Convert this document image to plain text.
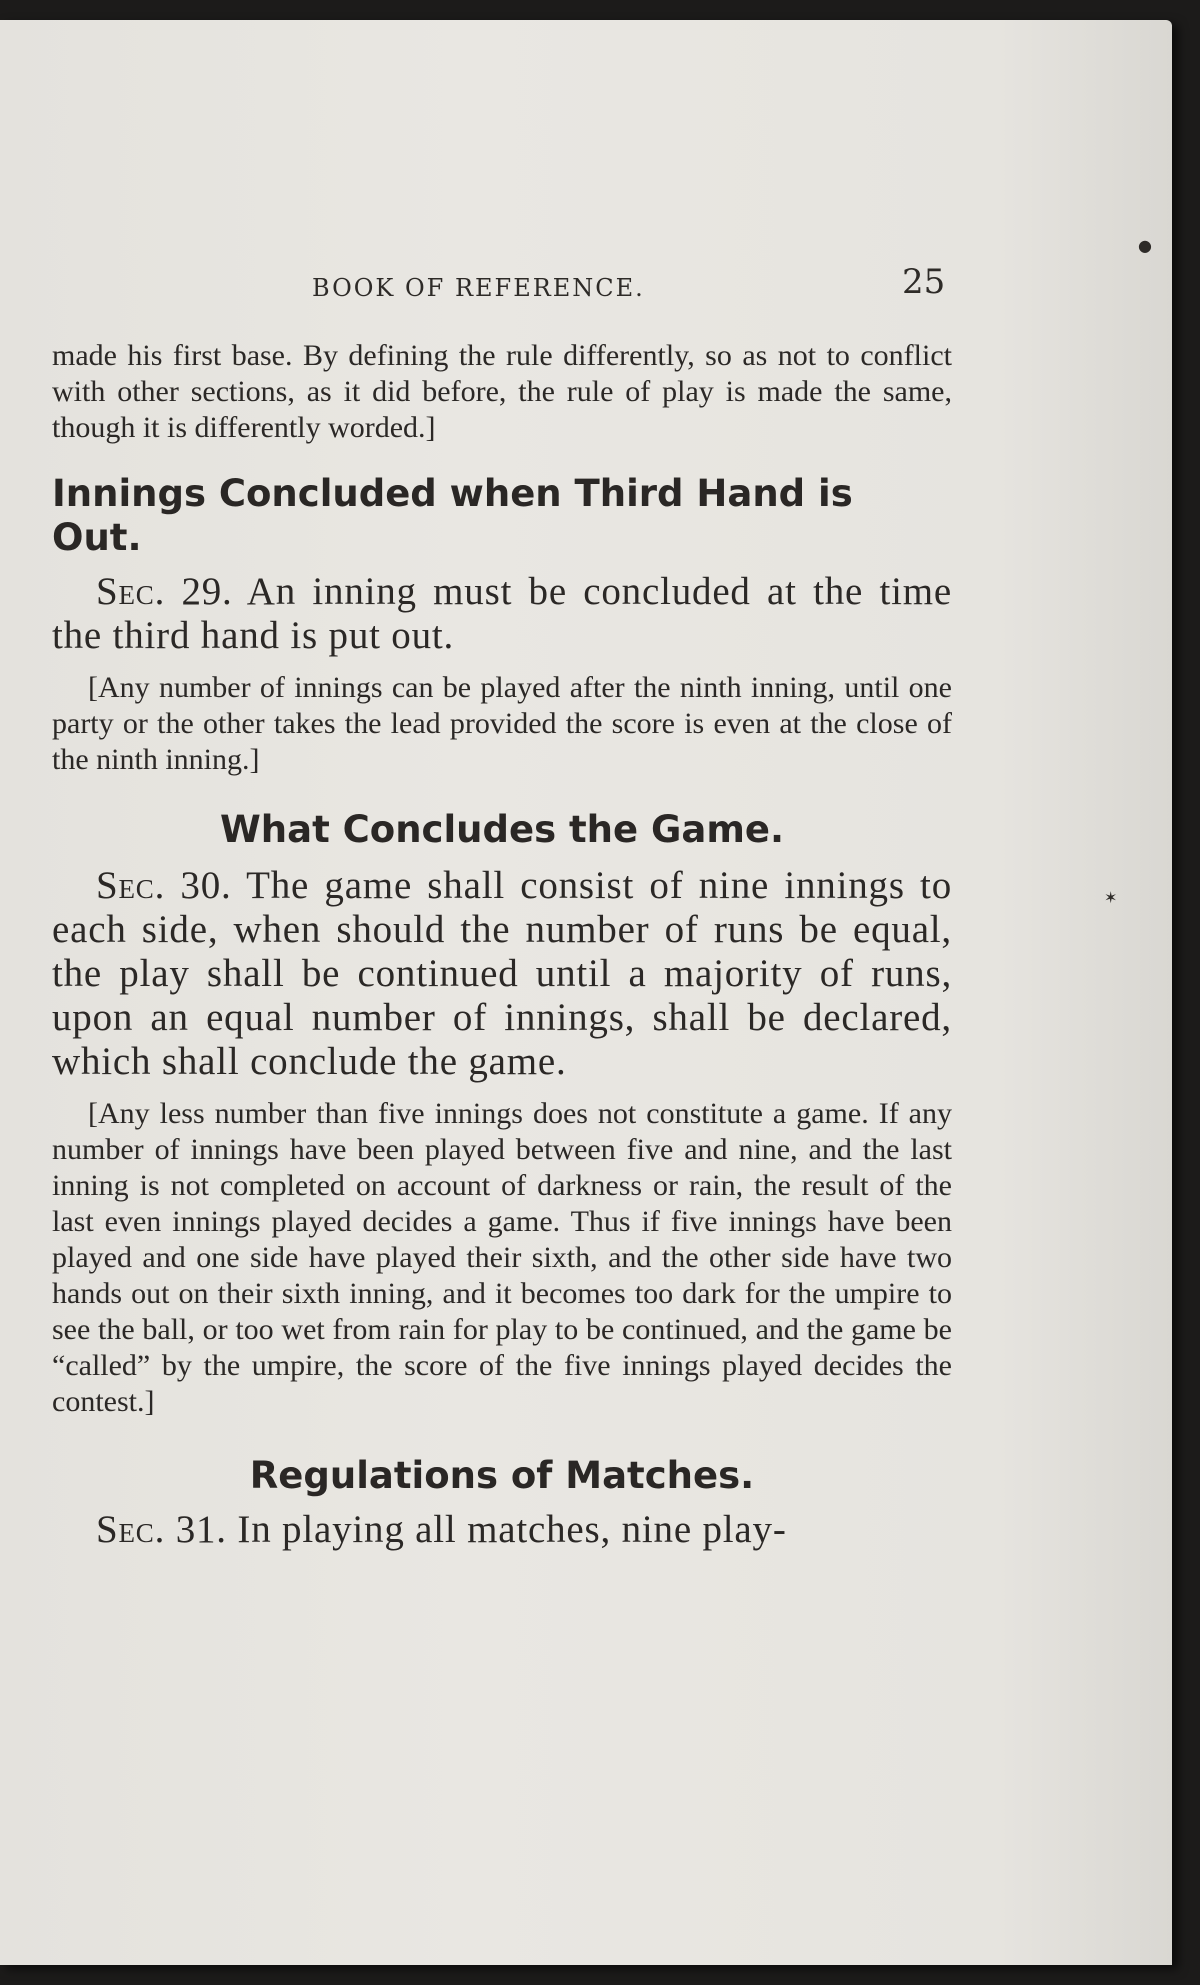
BOOK OF REFERENCE.	25
●
✶

made his first base. By defining the rule differently, so as not to conflict with other sections, as it did before, the rule of play is made the same, though it is differently worded.]

Innings Concluded when Third Hand is Out.

Sec. 29. An inning must be concluded at the time the third hand is put out.

[Any number of innings can be played after the ninth inning, until one party or the other takes the lead provided the score is even at the close of the ninth inning.]

What Concludes the Game.

Sec. 30. The game shall consist of nine innings to each side, when should the number of runs be equal, the play shall be continued until a majority of runs, upon an equal number of innings, shall be declared, which shall conclude the game.

[Any less number than five innings does not constitute a game. If any number of innings have been played between five and nine, and the last inning is not completed on account of darkness or rain, the result of the last even innings played decides a game. Thus if five innings have been played and one side have played their sixth, and the other side have two hands out on their sixth inning, and it becomes too dark for the umpire to see the ball, or too wet from rain for play to be continued, and the game be “called” by the umpire, the score of the five innings played decides the contest.]

Regulations of Matches.

Sec. 31. In playing all matches, nine play-
